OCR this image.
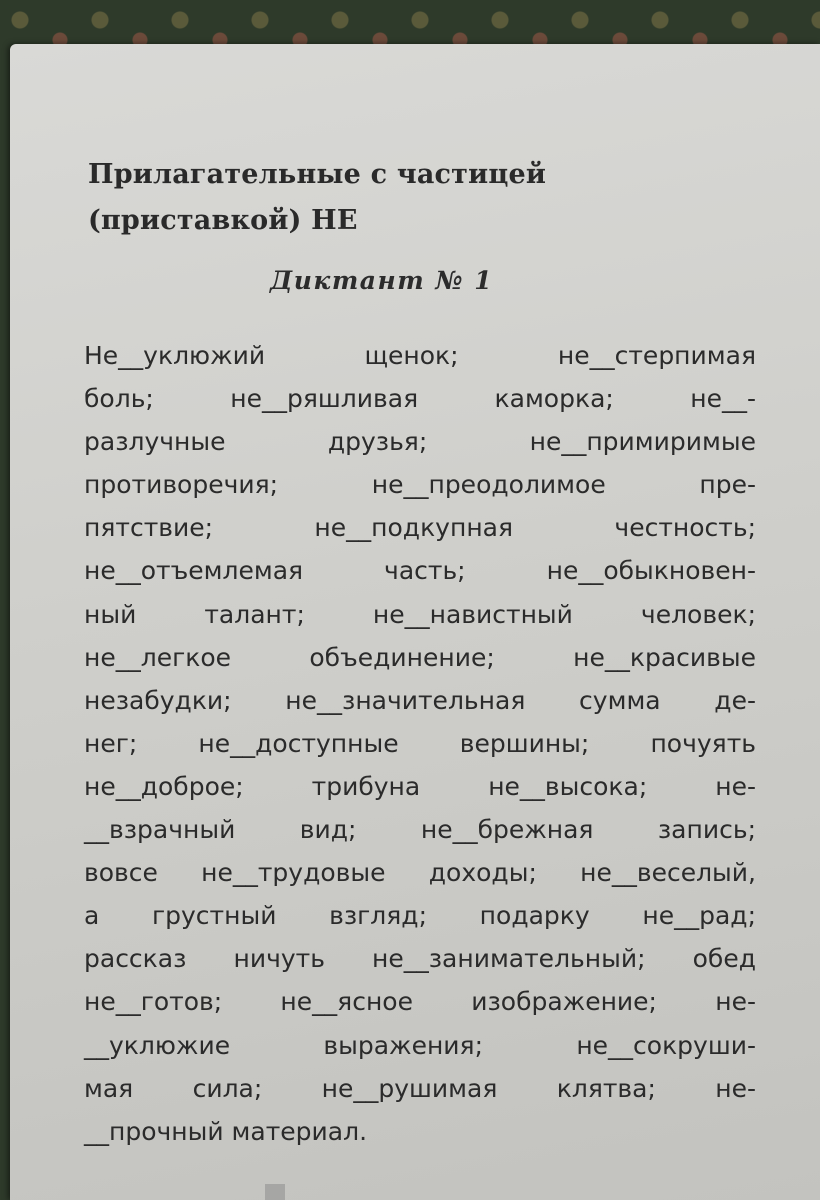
Прилагательные с частицей
(приставкой) НЕ
Диктант № 1
Не__уклюжий щенок; не__стерпимая
боль; не__ряшливая каморка; не__-
разлучные друзья; не__примиримые
противоречия; не__преодолимое пре-
пятствие; не__подкупная честность;
не__отъемлемая часть; не__обыкновен-
ный талант; не__навистный человек;
не__легкое объединение; не__красивые
незабудки; не__значительная сумма де-
нег; не__доступные вершины; почуять
не__доброе; трибуна не__высока; не-
__взрачный вид; не__брежная запись;
вовсе не__трудовые доходы; не__веселый,
а грустный взгляд; подарку не__рад;
рассказ ничуть не__занимательный; обед
не__готов; не__ясное изображение; не-
__уклюжие выражения; не__сокруши-
мая сила; не__рушимая клятва; не-
__прочный материал.
